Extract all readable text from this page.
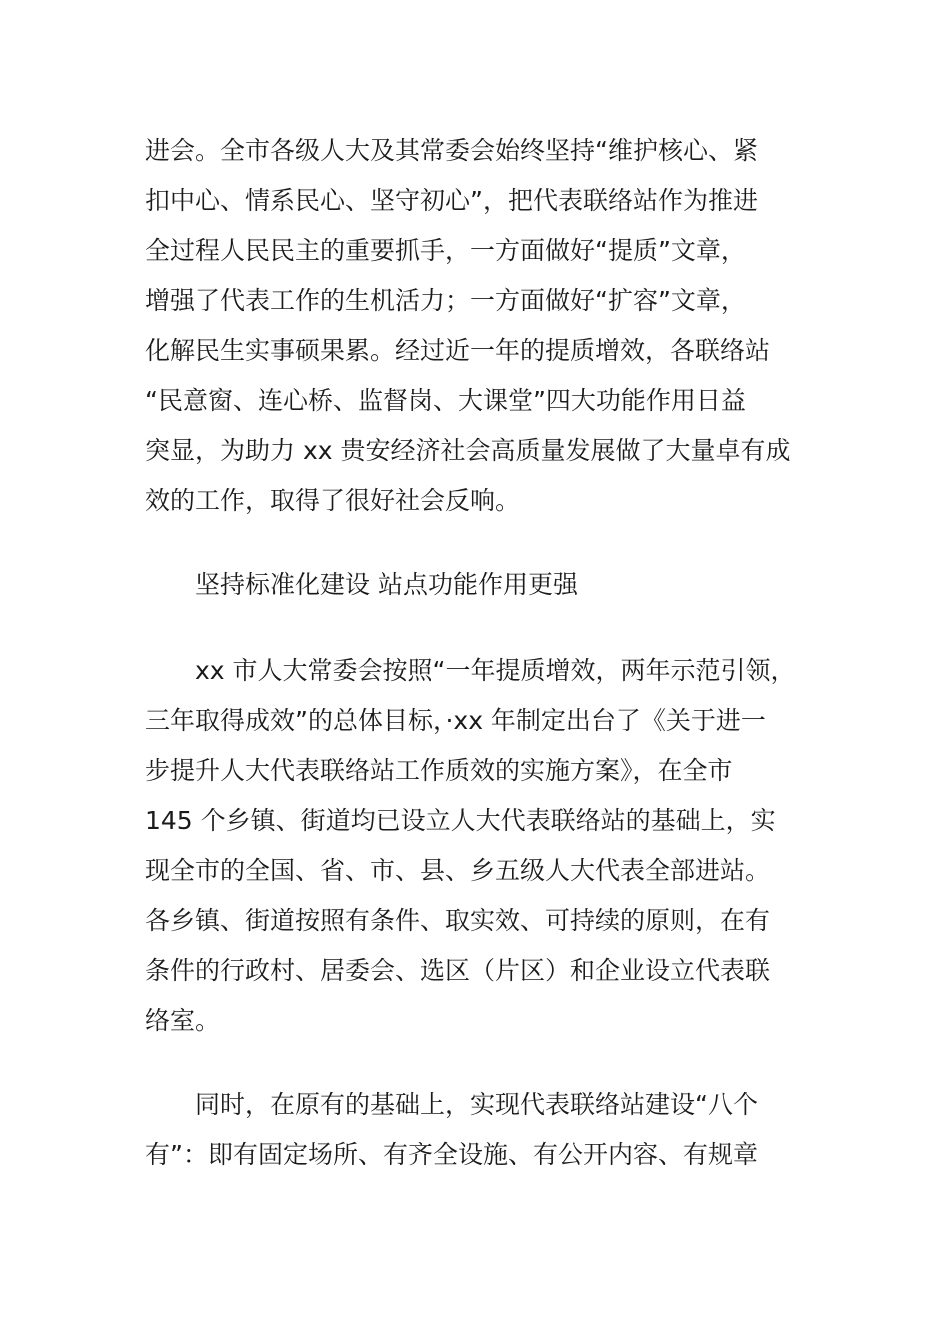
进会。全市各级人大及其常委会始终坚持“维护核心、紧
扣中心、情系民心、坚守初心”，把代表联络站作为推进
全过程人民民主的重要抓手，一方面做好“提质”文章，
增强了代表工作的生机活力；一方面做好“扩容”文章，
化解民生实事硕果累。经过近一年的提质增效，各联络站
“民意窗、连心桥、监督岗、大课堂”四大功能作用日益
突显，为助力 xx 贵安经济社会高质量发展做了大量卓有成
效的工作，取得了很好社会反响。
坚持标准化建设 站点功能作用更强
xx 市人大常委会按照“一年提质增效，两年示范引领，
三年取得成效”的总体目标，·xx 年制定出台了《关于进一
步提升人大代表联络站工作质效的实施方案》，在全市
145 个乡镇、街道均已设立人大代表联络站的基础上，实
现全市的全国、省、市、县、乡五级人大代表全部进站。
各乡镇、街道按照有条件、取实效、可持续的原则，在有
条件的行政村、居委会、选区（片区）和企业设立代表联
络室。
同时，在原有的基础上，实现代表联络站建设“八个
有”：即有固定场所、有齐全设施、有公开内容、有规章
